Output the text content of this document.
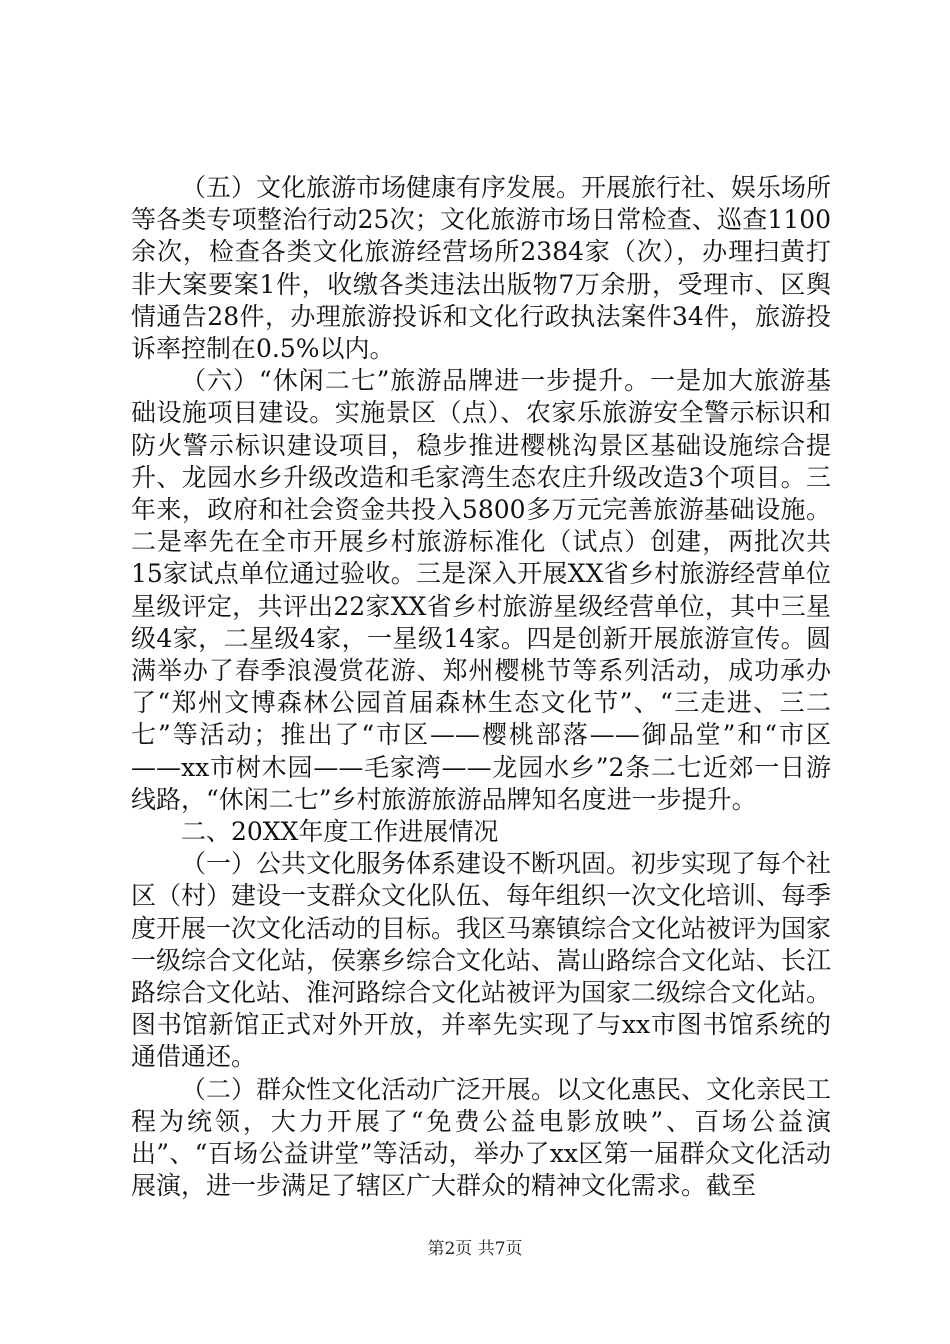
（五）文化旅游市场健康有序发展。开展旅行社、娱乐场所等各类专项整治行动25次；文化旅游市场日常检查、巡查1100余次，检查各类文化旅游经营场所2384家（次），办理扫黄打非大案要案1件，收缴各类违法出版物7万余册，受理市、区舆情通告28件，办理旅游投诉和文化行政执法案件34件，旅游投诉率控制在0.5%以内。

（六）“休闲二七”旅游品牌进一步提升。一是加大旅游基础设施项目建设。实施景区（点）、农家乐旅游安全警示标识和防火警示标识建设项目，稳步推进樱桃沟景区基础设施综合提升、龙园水乡升级改造和毛家湾生态农庄升级改造3个项目。三年来，政府和社会资金共投入5800多万元完善旅游基础设施。二是率先在全市开展乡村旅游标准化（试点）创建，两批次共15家试点单位通过验收。三是深入开展XX省乡村旅游经营单位星级评定，共评出22家XX省乡村旅游星级经营单位，其中三星级4家，二星级4家，一星级14家。四是创新开展旅游宣传。圆满举办了春季浪漫赏花游、郑州樱桃节等系列活动，成功承办了“郑州文博森林公园首届森林生态文化节”、“三走进、三二七”等活动；推出了“市区——樱桃部落——御品堂”和“市区——xx市树木园——毛家湾——龙园水乡”2条二七近郊一日游线路，“休闲二七”乡村旅游旅游品牌知名度进一步提升。

二、20XX年度工作进展情况

（一）公共文化服务体系建设不断巩固。初步实现了每个社区（村）建设一支群众文化队伍、每年组织一次文化培训、每季度开展一次文化活动的目标。我区马寨镇综合文化站被评为国家一级综合文化站，侯寨乡综合文化站、嵩山路综合文化站、长江路综合文化站、淮河路综合文化站被评为国家二级综合文化站。图书馆新馆正式对外开放，并率先实现了与xx市图书馆系统的通借通还。

（二）群众性文化活动广泛开展。以文化惠民、文化亲民工程为统领，大力开展了“免费公益电影放映”、百场公益演出”、“百场公益讲堂”等活动，举办了xx区第一届群众文化活动展演，进一步满足了辖区广大群众的精神文化需求。截至

第2页 共7页
